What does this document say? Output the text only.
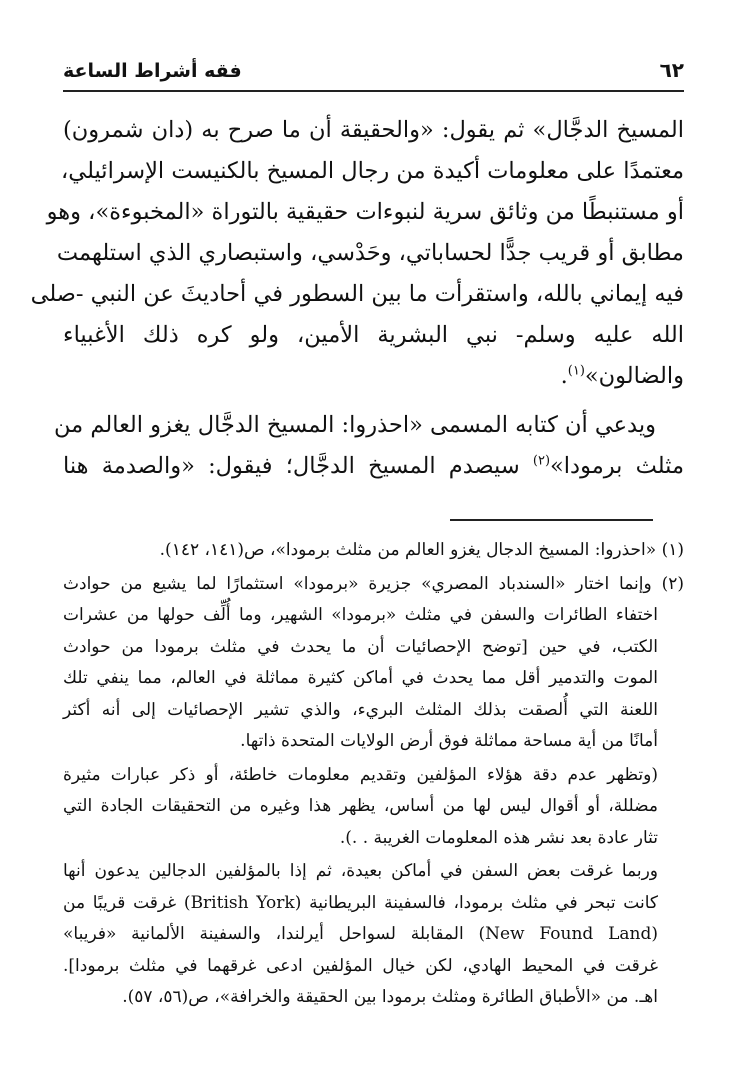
فقه أشراط الساعة	٦٢
المسيخ الدجَّال» ثم يقول: «والحقيقة أن ما صرح به (دان شمرون)
معتمدًا على معلومات أكيدة من رجال المسيخ بالكنيست الإسرائيلي،
أو مستنبطًا من وثائق سرية لنبوءات حقيقية بالتوراة «المخبوءة»، وهو
مطابق أو قريب جدًّا لحساباتي، وحَدْسي، واستبصاري الذي استلهمت
فيه إيماني بالله، واستقرأت ما بين السطور في أحاديثَ عن النبي -صلى
الله عليه وسلم- نبي البشرية الأمين، ولو كره ذلك الأغبياء
والضالون»$^{(١)}$.
ويدعي أن كتابه المسمى «احذروا: المسيخ الدجَّال يغزو العالم من
مثلث برمودا»$^{(٢)}$ سيصدم المسيخ الدجَّال؛ فيقول: «والصدمة هنا
(١) «احذروا: المسيخ الدجال يغزو العالم من مثلث برمودا»، ص(١٤١، ١٤٢).
(٢) وإنما اختار «السندباد المصري» جزيرة «برمودا» استثمارًا لما يشيع من حوادث
اختفاء الطائرات والسفن في مثلث «برمودا» الشهير، وما أُلِّف حولها من عشرات
الكتب، في حين [توضح الإحصائيات أن ما يحدث في مثلث برمودا من حوادث
الموت والتدمير أقل مما يحدث في أماكن كثيرة مماثلة في العالم، مما ينفي تلك
اللعنة التي أُلصقت بذلك المثلث البريء، والذي تشير الإحصائيات إلى أنه أكثر
أمانًا من أية مساحة مماثلة فوق أرض الولايات المتحدة ذاتها.
(وتظهر عدم دقة هؤلاء المؤلفين وتقديم معلومات خاطئة، أو ذكر عبارات مثيرة
مضللة، أو أقوال ليس لها من أساس، يظهر هذا وغيره من التحقيقات الجادة التي
تثار عادة بعد نشر هذه المعلومات الغريبة . .).
وربما غرقت بعض السفن في أماكن بعيدة، ثم إذا بالمؤلفين الدجالين يدعون أنها
كانت تبحر في مثلث برمودا، فالسفينة البريطانية (British York) غرقت قريبًا من
(New Found Land) المقابلة لسواحل أيرلندا، والسفينة الألمانية «فريبا»
غرقت في المحيط الهادي، لكن خيال المؤلفين ادعى غرقهما في مثلث برمودا].
اهـ. من «الأطباق الطائرة ومثلث برمودا بين الحقيقة والخرافة»، ص(٥٦، ٥٧).
